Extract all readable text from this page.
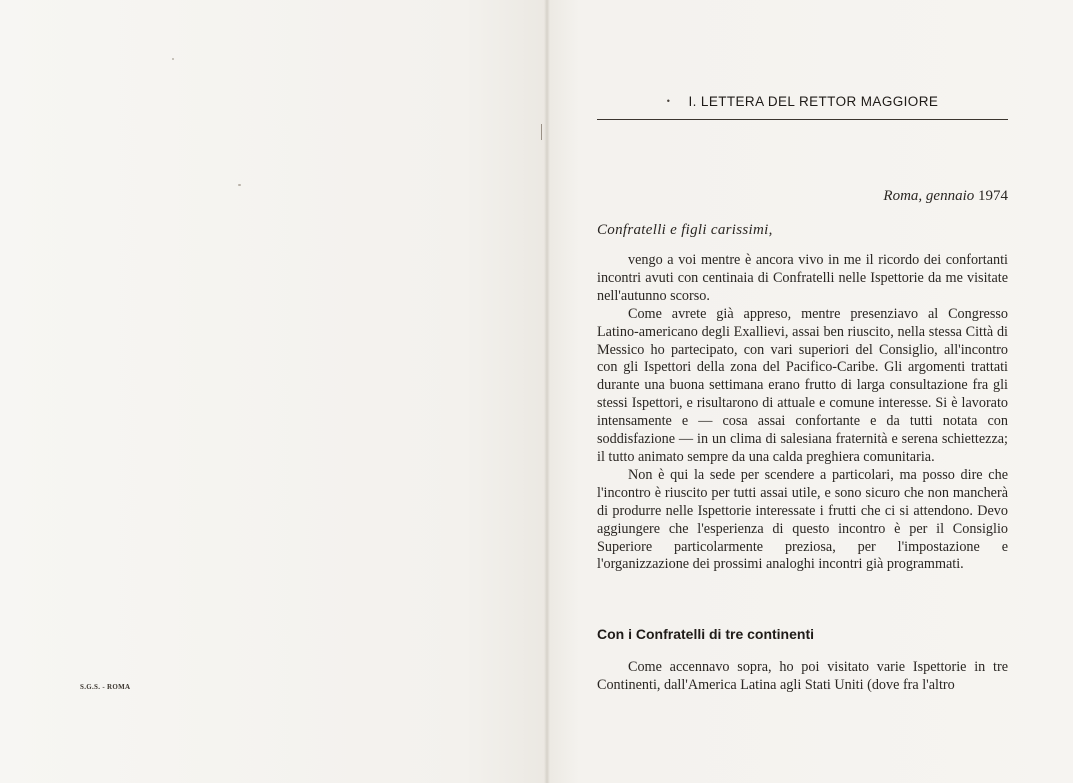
S.G.S. - ROMA
• I. LETTERA DEL RETTOR MAGGIORE
Roma, gennaio 1974
Confratelli e figli carissimi,

vengo a voi mentre è ancora vivo in me il ricordo dei confortanti incontri avuti con centinaia di Confratelli nelle Ispettorie da me visitate nell'autunno scorso.

Come avrete già appreso, mentre presenziavo al Congresso Latino-americano degli Exallievi, assai ben riuscito, nella stessa Città di Messico ho partecipato, con vari superiori del Consiglio, all'incontro con gli Ispettori della zona del Pacifico-Caribe. Gli argomenti trattati durante una buona settimana erano frutto di larga consultazione fra gli stessi Ispettori, e risultarono di attuale e comune interesse. Si è lavorato intensamente e — cosa assai confortante e da tutti notata con soddisfazione — in un clima di salesiana fraternità e serena schiettezza; il tutto animato sempre da una calda preghiera comunitaria.

Non è qui la sede per scendere a particolari, ma posso dire che l'incontro è riuscito per tutti assai utile, e sono sicuro che non mancherà di produrre nelle Ispettorie interessate i frutti che ci si attendono. Devo aggiungere che l'esperienza di questo incontro è per il Consiglio Superiore particolarmente preziosa, per l'impostazione e l'organizzazione dei prossimi analoghi incontri già programmati.

Con i Confratelli di tre continenti

Come accennavo sopra, ho poi visitato varie Ispettorie in tre Continenti, dall'America Latina agli Stati Uniti (dove fra l'altro
